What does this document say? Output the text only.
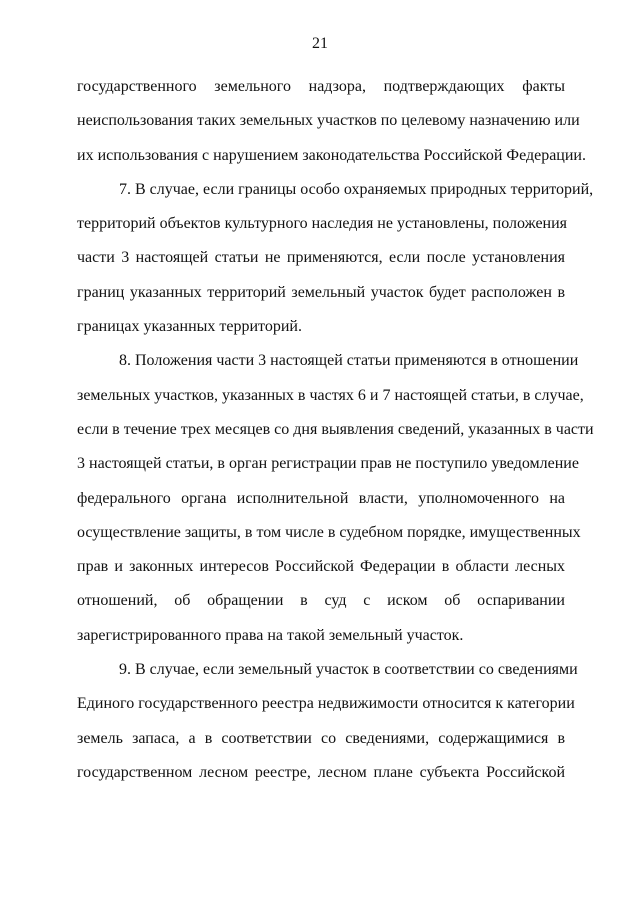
21
государственного земельного надзора, подтверждающих факты
неиспользования таких земельных участков по целевому назначению или
их использования с нарушением законодательства Российской Федерации.
7. В случае, если границы особо охраняемых природных территорий,
территорий объектов культурного наследия не установлены, положения
части 3 настоящей статьи не применяются, если после установления
границ указанных территорий земельный участок будет расположен в
границах указанных территорий.
8. Положения части 3 настоящей статьи применяются в отношении
земельных участков, указанных в частях 6 и 7 настоящей статьи, в случае,
если в течение трех месяцев со дня выявления сведений, указанных в части
3 настоящей статьи, в орган регистрации прав не поступило уведомление
федерального органа исполнительной власти, уполномоченного на
осуществление защиты, в том числе в судебном порядке, имущественных
прав и законных интересов Российской Федерации в области лесных
отношений, об обращении в суд с иском об оспаривании
зарегистрированного права на такой земельный участок.
9. В случае, если земельный участок в соответствии со сведениями
Единого государственного реестра недвижимости относится к категории
земель запаса, а в соответствии со сведениями, содержащимися в
государственном лесном реестре, лесном плане субъекта Российской
